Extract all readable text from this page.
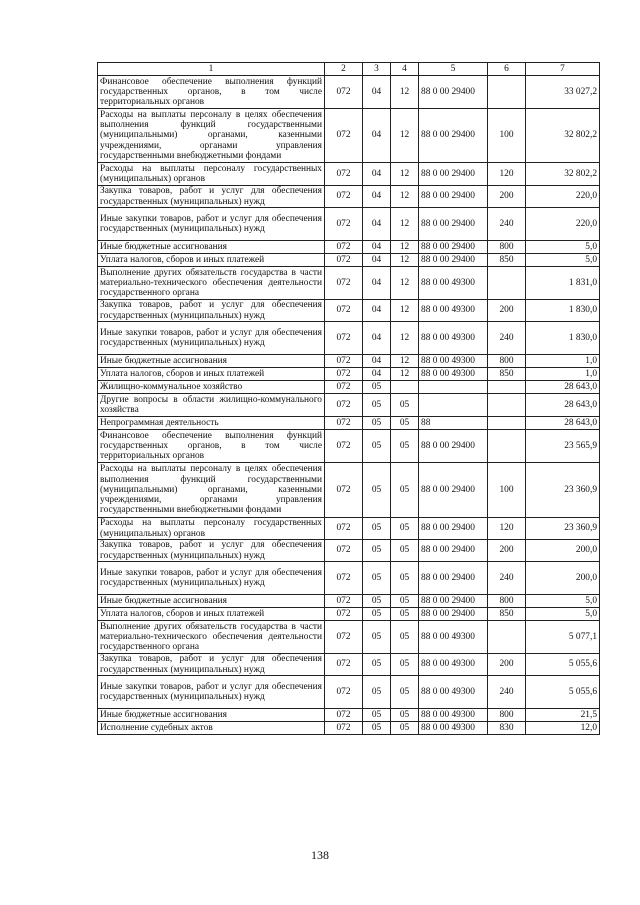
1	2	3	4	5	6	7
Финансовое обеспечение выполнения функций государственных органов, в том числе территориальных органов	072	04	12	88 0 00 29400		33 027,2
Расходы на выплаты персоналу в целях обеспечения выполнения функций государственными (муниципальными) органами, казенными учреждениями, органами управления государственными внебюджетными фондами	072	04	12	88 0 00 29400	100	32 802,2
Расходы на выплаты персоналу государственных (муниципальных) органов	072	04	12	88 0 00 29400	120	32 802,2
Закупка товаров, работ и услуг для обеспечения государственных (муниципальных) нужд	072	04	12	88 0 00 29400	200	220,0
Иные закупки товаров, работ и услуг для обеспечения государственных (муниципальных) нужд	072	04	12	88 0 00 29400	240	220,0
Иные бюджетные ассигнования	072	04	12	88 0 00 29400	800	5,0
Уплата налогов, сборов и иных платежей	072	04	12	88 0 00 29400	850	5,0
Выполнение других обязательств государства в части материально-технического обеспечения деятельности государственного органа	072	04	12	88 0 00 49300		1 831,0
Закупка товаров, работ и услуг для обеспечения государственных (муниципальных) нужд	072	04	12	88 0 00 49300	200	1 830,0
Иные закупки товаров, работ и услуг для обеспечения государственных (муниципальных) нужд	072	04	12	88 0 00 49300	240	1 830,0
Иные бюджетные ассигнования	072	04	12	88 0 00 49300	800	1,0
Уплата налогов, сборов и иных платежей	072	04	12	88 0 00 49300	850	1,0
Жилищно-коммунальное хозяйство	072	05				28 643,0
Другие вопросы в области жилищно-коммунального хозяйства	072	05	05			28 643,0
Непрограммная деятельность	072	05	05	88		28 643,0
Финансовое обеспечение выполнения функций государственных органов, в том числе территориальных органов	072	05	05	88 0 00 29400		23 565,9
Расходы на выплаты персоналу в целях обеспечения выполнения функций государственными (муниципальными) органами, казенными учреждениями, органами управления государственными внебюджетными фондами	072	05	05	88 0 00 29400	100	23 360,9
Расходы на выплаты персоналу государственных (муниципальных) органов	072	05	05	88 0 00 29400	120	23 360,9
Закупка товаров, работ и услуг для обеспечения государственных (муниципальных) нужд	072	05	05	88 0 00 29400	200	200,0
Иные закупки товаров, работ и услуг для обеспечения государственных (муниципальных) нужд	072	05	05	88 0 00 29400	240	200,0
Иные бюджетные ассигнования	072	05	05	88 0 00 29400	800	5,0
Уплата налогов, сборов и иных платежей	072	05	05	88 0 00 29400	850	5,0
Выполнение других обязательств государства в части материально-технического обеспечения деятельности государственного органа	072	05	05	88 0 00 49300		5 077,1
Закупка товаров, работ и услуг для обеспечения государственных (муниципальных) нужд	072	05	05	88 0 00 49300	200	5 055,6
Иные закупки товаров, работ и услуг для обеспечения государственных (муниципальных) нужд	072	05	05	88 0 00 49300	240	5 055,6
Иные бюджетные ассигнования	072	05	05	88 0 00 49300	800	21,5
Исполнение судебных актов	072	05	05	88 0 00 49300	830	12,0
138
